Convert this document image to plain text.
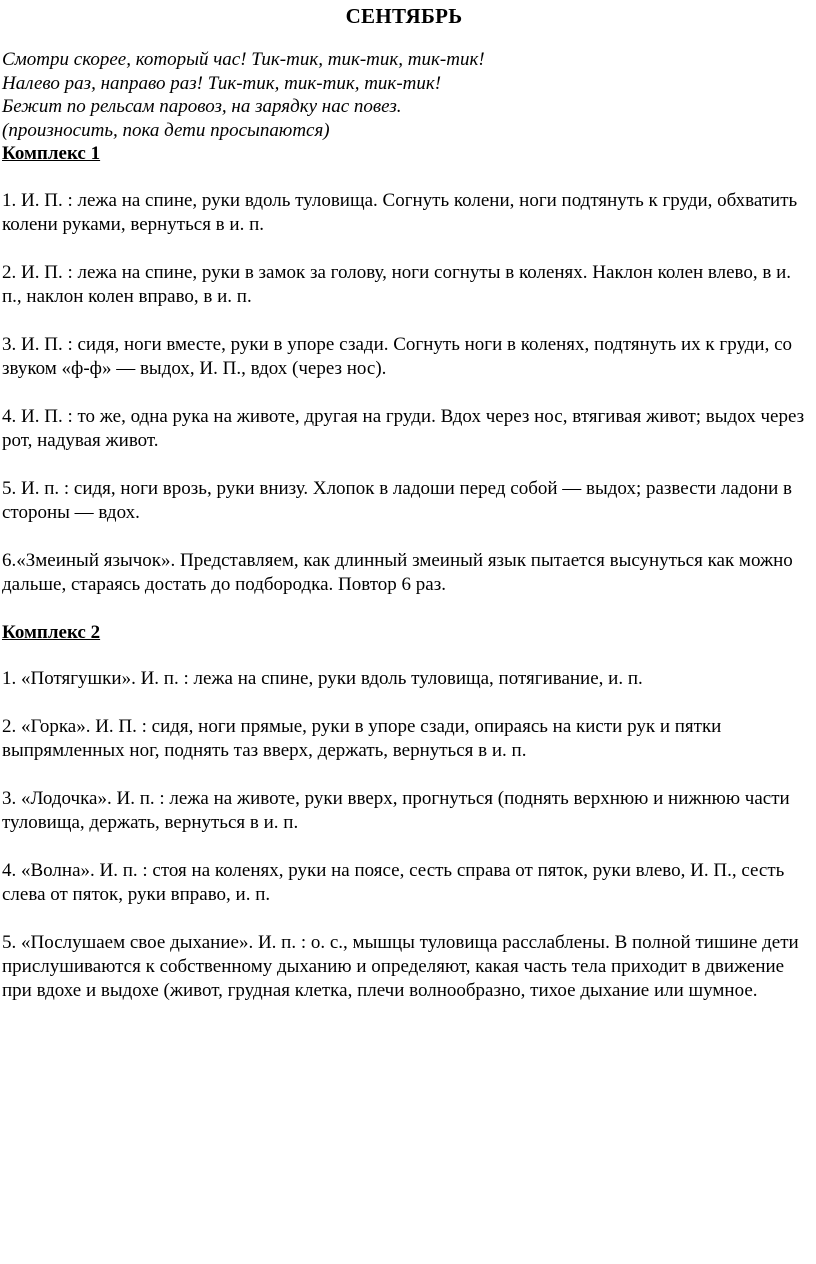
СЕНТЯБРЬ
Смотри скорее, который час! Тик-тик, тик-тик, тик-тик!
Налево раз, направо раз! Тик-тик, тик-тик, тик-тик!
Бежит по рельсам паровоз, на зарядку нас повез.
(произносить, пока дети просыпаются)
Комплекс 1
1. И. П. : лежа на спине, руки вдоль туловища. Согнуть колени, ноги подтянуть к груди, обхватить колени руками, вернуться в и. п.
2. И. П. : лежа на спине, руки в замок за голову, ноги согнуты в коленях. Наклон колен влево, в и. п., наклон колен вправо, в и. п.
3. И. П. : сидя, ноги вместе, руки в упоре сзади. Согнуть ноги в коленях, подтянуть их к груди, со звуком «ф-ф» — выдох, И. П., вдох (через нос).
4. И. П. : то же, одна рука на животе, другая на груди. Вдох через нос, втягивая живот; выдох через рот, надувая живот.
5. И. п. : сидя, ноги врозь, руки внизу. Хлопок в ладоши перед собой — выдох; развести ладони в стороны — вдох.
6.«Змеиный язычок». Представляем, как длинный змеиный язык пытается высунуться как можно дальше, стараясь достать до подбородка. Повтор 6 раз.
Комплекс 2
1. «Потягушки». И. п. : лежа на спине, руки вдоль туловища, потягивание, и. п.
2. «Горка». И. П. : сидя, ноги прямые, руки в упоре сзади, опираясь на кисти рук и пятки выпрямленных ног, поднять таз вверх, держать, вернуться в и. п.
3. «Лодочка». И. п. : лежа на животе, руки вверх, прогнуться (поднять верхнюю и нижнюю части туловища, держать, вернуться в и. п.
4. «Волна». И. п. : стоя на коленях, руки на поясе, сесть справа от пяток, руки влево, И. П., сесть слева от пяток, руки вправо, и. п.
5. «Послушаем свое дыхание». И. п. : о. с., мышцы туловища расслаблены. В полной тишине дети прислушиваются к собственному дыханию и определяют, какая часть тела приходит в движение при вдохе и выдохе (живот, грудная клетка, плечи волнообразно, тихое дыхание или шумное.
